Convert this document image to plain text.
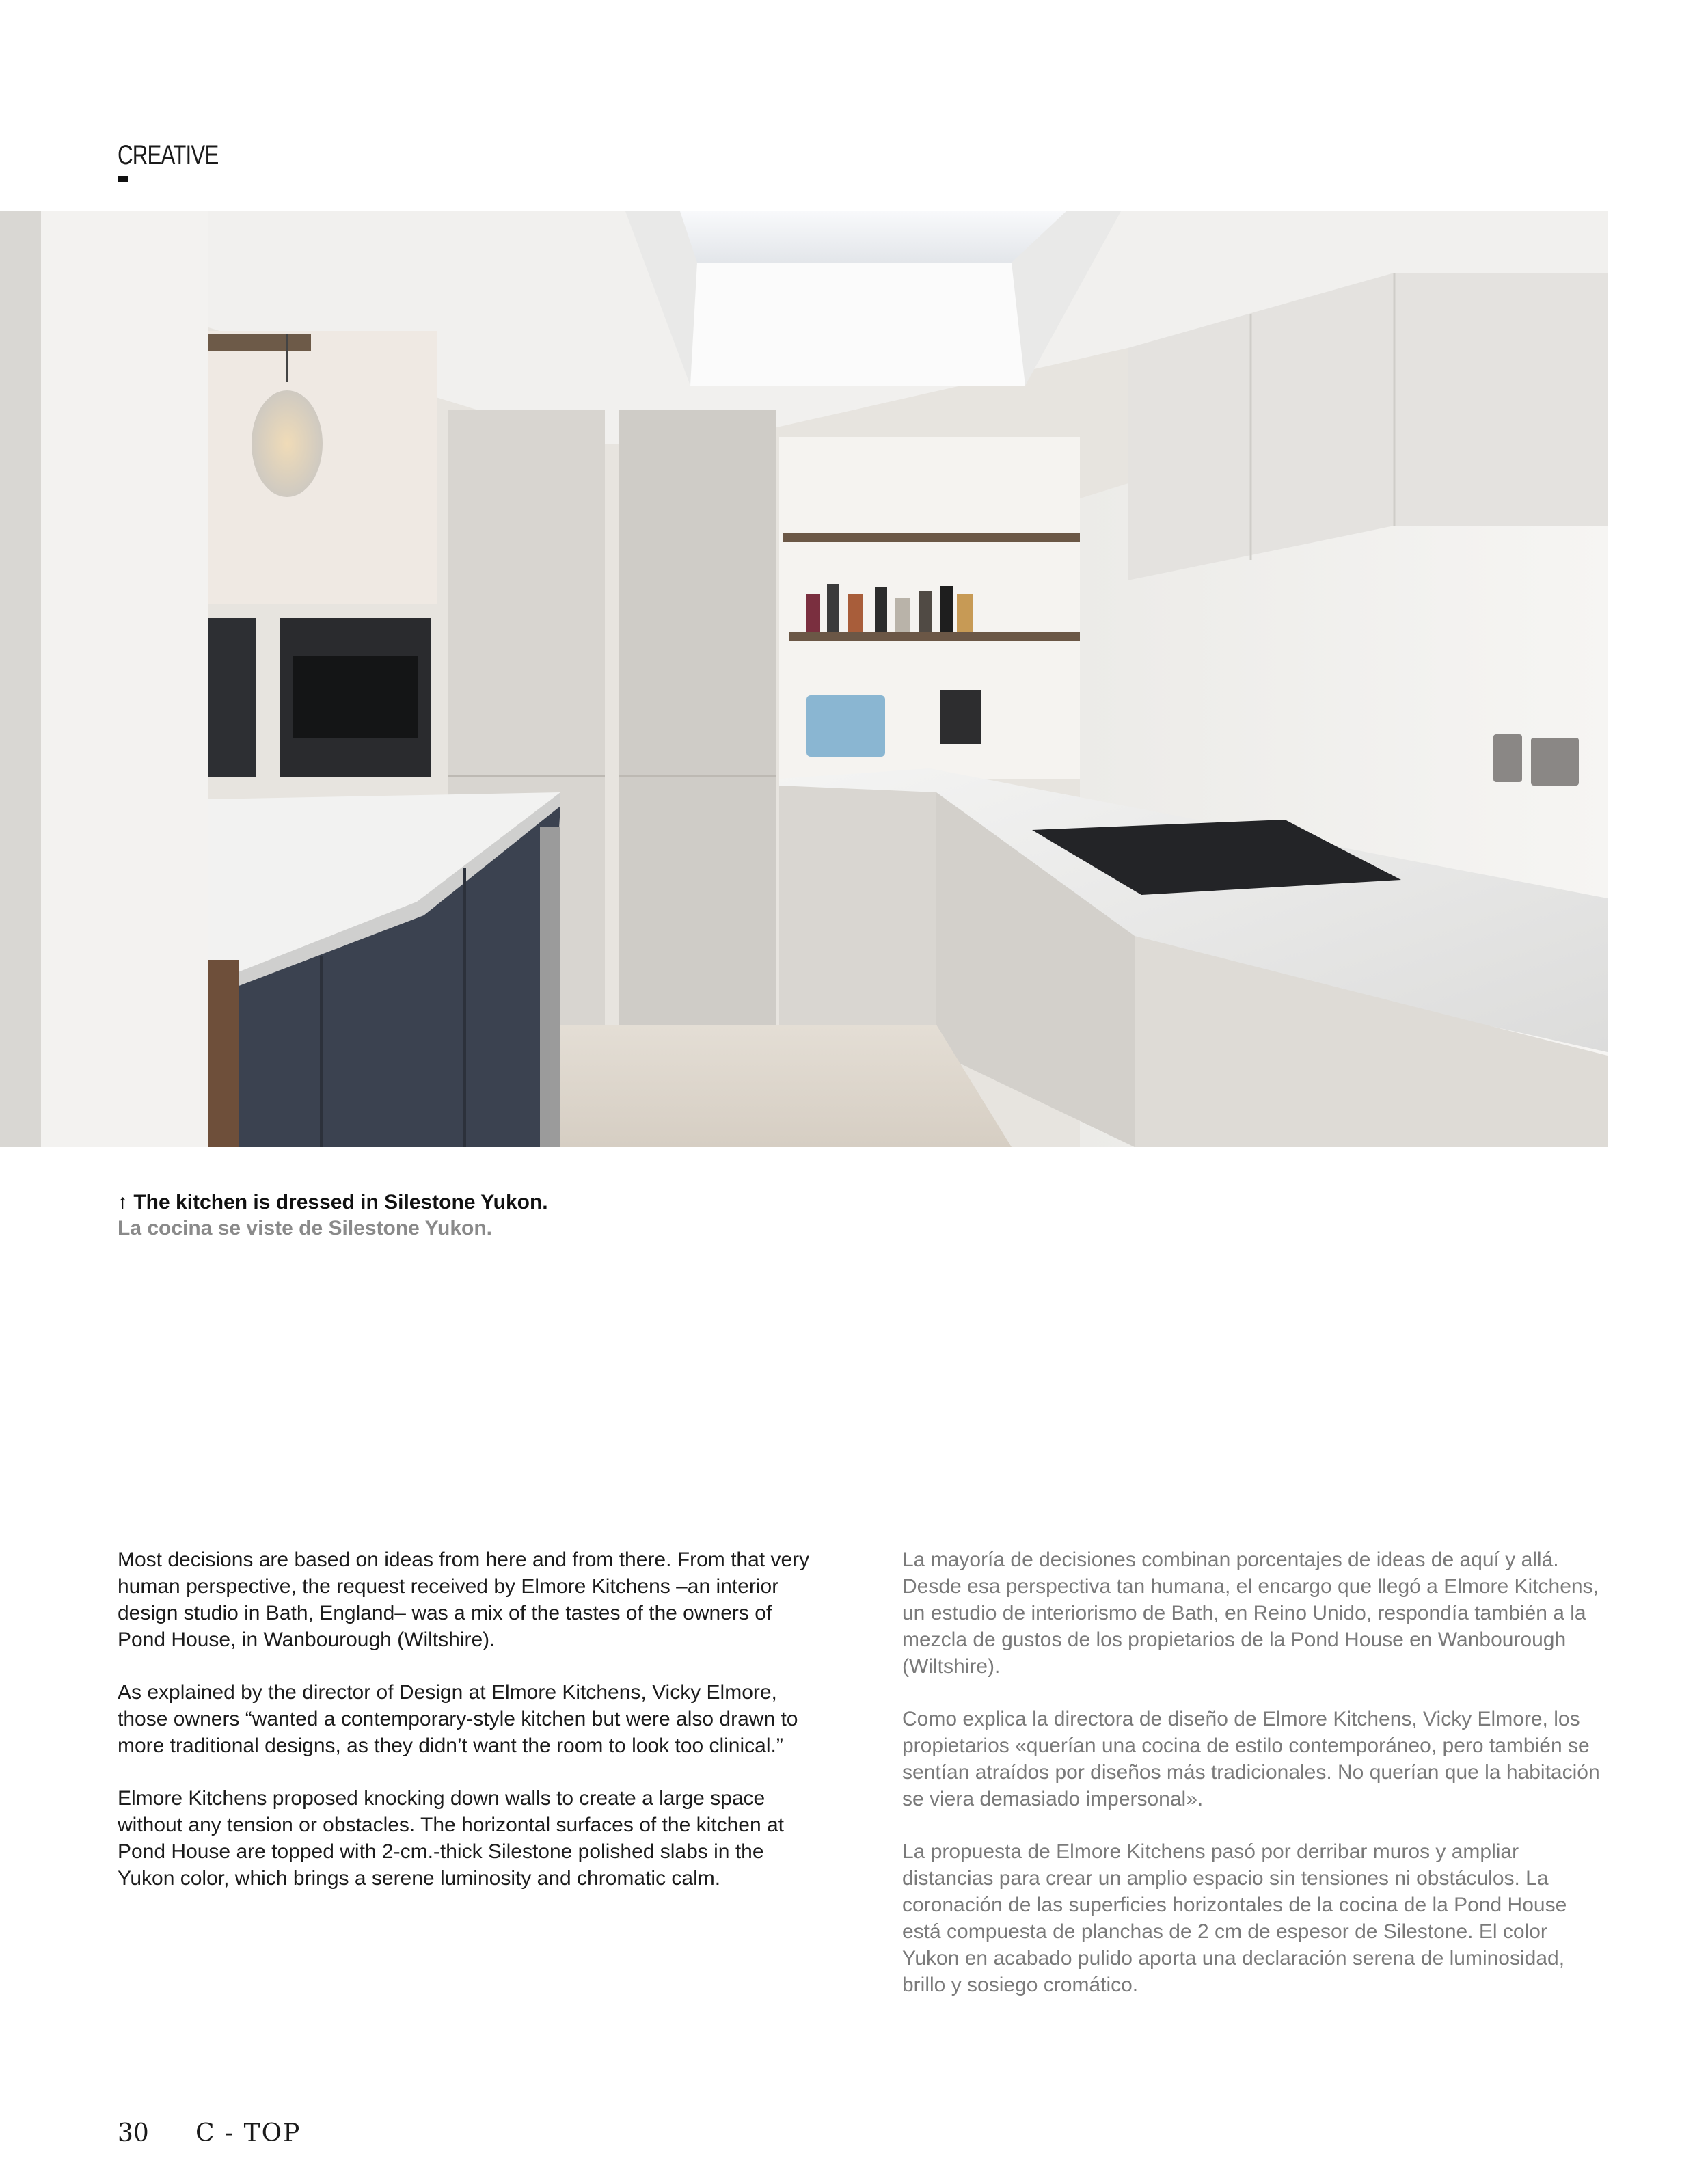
CREATIVE
↑ The kitchen is dressed in Silestone Yukon.
La cocina se viste de Silestone Yukon.

Most decisions are based on ideas from here and from there. From that very human perspective, the request received by Elmore Kitchens –an interior design studio in Bath, England– was a mix of the tastes of the owners of Pond House, in Wanbourough (Wiltshire).

As explained by the director of Design at Elmore Kitchens, Vicky Elmore, those owners “wanted a contemporary-style kitchen but were also drawn to more traditional designs, as they didn’t want the room to look too clinical.”

Elmore Kitchens proposed knocking down walls to create a large space without any tension or obstacles. The horizontal surfaces of the kitchen at Pond House are topped with 2-cm.-thick Silestone polished slabs in the Yukon color, which brings a serene luminosity and chromatic calm.

La mayoría de decisiones combinan porcentajes de ideas de aquí y allá. Desde esa perspectiva tan humana, el encargo que llegó a Elmore Kitchens, un estudio de interiorismo de Bath, en Reino Unido, respondía también a la mezcla de gustos de los propietarios de la Pond House en Wanbourough (Wiltshire).

Como explica la directora de diseño de Elmore Kitchens, Vicky Elmore, los propietarios «querían una cocina de estilo contemporáneo, pero también se sentían atraídos por diseños más tradicionales. No querían que la habitación se viera demasiado impersonal».

La propuesta de Elmore Kitchens pasó por derribar muros y ampliar distancias para crear un amplio espacio sin tensiones ni obstáculos. La coronación de las superficies horizontales de la cocina de la Pond House está compuesta de planchas de 2 cm de espesor de Silestone. El color Yukon en acabado pulido aporta una declaración serena de luminosidad, brillo y sosiego cromático.

30 C - TOP
